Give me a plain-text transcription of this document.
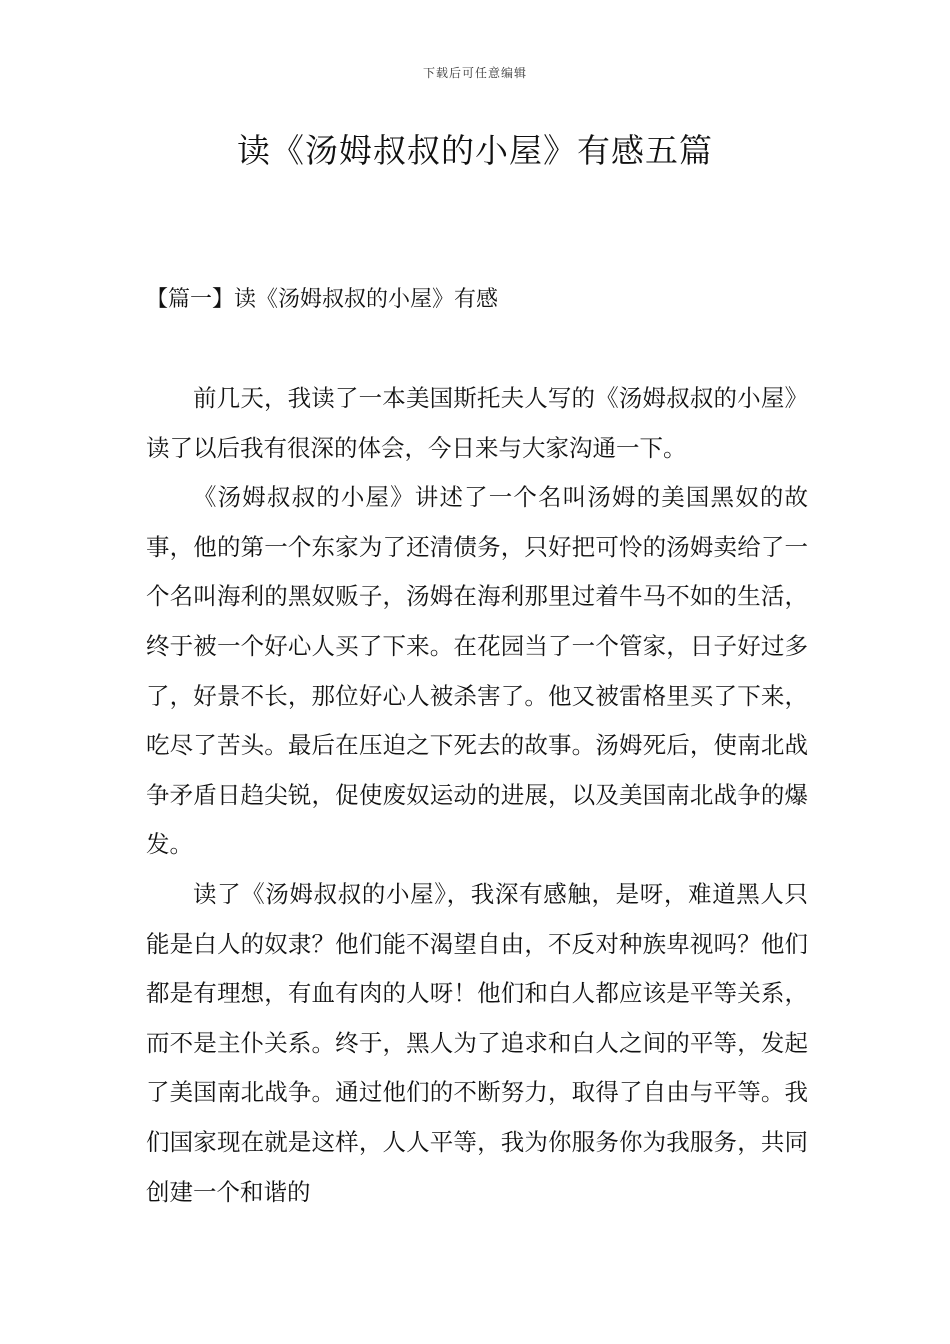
下载后可任意编辑
读《汤姆叔叔的小屋》有感五篇
【篇一】读《汤姆叔叔的小屋》有感

前几天，我读了一本美国斯托夫人写的《汤姆叔叔的小屋》读了以后我有很深的体会，今日来与大家沟通一下。

《汤姆叔叔的小屋》讲述了一个名叫汤姆的美国黑奴的故事，他的第一个东家为了还清债务，只好把可怜的汤姆卖给了一个名叫海利的黑奴贩子，汤姆在海利那里过着牛马不如的生活，终于被一个好心人买了下来。在花园当了一个管家，日子好过多了，好景不长，那位好心人被杀害了。他又被雷格里买了下来，吃尽了苦头。最后在压迫之下死去的故事。汤姆死后，使南北战争矛盾日趋尖锐，促使废奴运动的进展，以及美国南北战争的爆发。

读了《汤姆叔叔的小屋》，我深有感触，是呀，难道黑人只能是白人的奴隶？他们能不渴望自由，不反对种族卑视吗？他们都是有理想，有血有肉的人呀！他们和白人都应该是平等关系，而不是主仆关系。终于，黑人为了追求和白人之间的平等，发起了美国南北战争。通过他们的不断努力，取得了自由与平等。我们国家现在就是这样，人人平等，我为你服务你为我服务，共同创建一个和谐的
